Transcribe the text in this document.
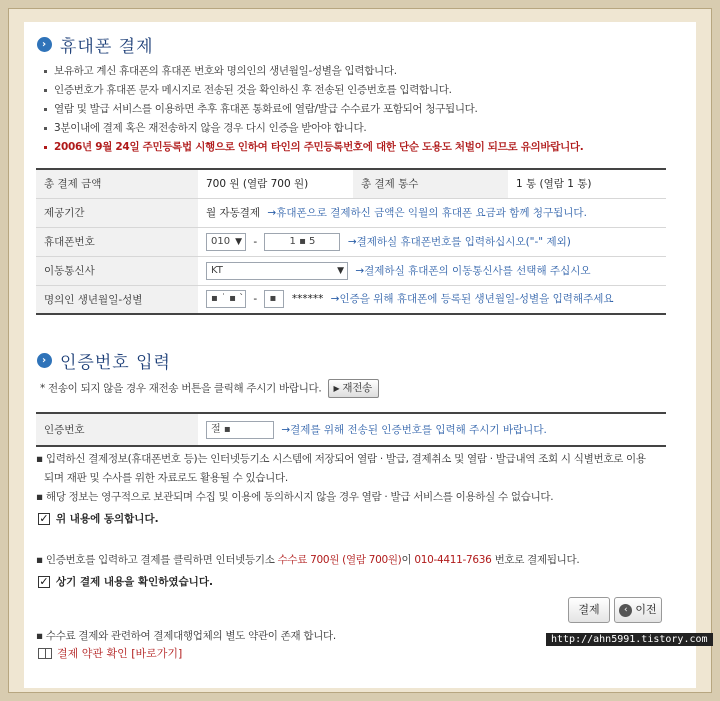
› 휴대폰 결제
보유하고 계신 휴대폰의 휴대폰 번호와 명의인의 생년월일-성별을 입력합니다.
인증번호가 휴대폰 문자 메시지로 전송된 것을 확인하신 후 전송된 인증번호를 입력합니다.
열람 및 발급 서비스를 이용하면 추후 휴대폰 통화료에 열람/발급 수수료가 포함되어 청구됩니다.
3분이내에 결제 혹은 재전송하지 않을 경우 다시 인증을 받아야 합니다.
2006년 9월 24일 주민등록법 시행으로 인하여 타인의 주민등록번호에 대한 단순 도용도 처벌이 되므로 유의바랍니다.
총 결제 금액	700 원 (열람 700 원)	총 결제 통수	1 통 (열람 1 통)
제공기간	월 자동결제 →휴대폰으로 결제하신 금액은 익월의 휴대폰 요금과 함께 청구됩니다.		
휴대폰번호	010 ▼ - 1 ▪ 5 →결제하실 휴대폰번호를 입력하십시오("-" 제외)		
이동통신사	KT ▼ →결제하실 휴대폰의 이동통신사를 선택해 주십시오		
명의인 생년월일-성별	▪ ˙ ▪ ` - ▪ ****** →인증을 위해 휴대폰에 등록된 생년월일-성별을 입력해주세요		
› 인증번호 입력
* 전송이 되지 않을 경우 재전송 버튼을 클릭해 주시기 바랍니다. ▶ 재전송
인증번호	절 ▪	→결제를 위해 전송된 인증번호를 입력해 주시기 바랍니다.
▪ 입력하신 결제정보(휴대폰번호 등)는 인터넷등기소 시스템에 저장되어 열람 · 발급, 결제취소 및 열람 · 발급내역 조회 시 식별번호로 이용
되며 재판 및 수사를 위한 자료로도 활용될 수 있습니다.
▪ 해당 정보는 영구적으로 보관되며 수집 및 이용에 동의하시지 않을 경우 열람 · 발급 서비스를 이용하실 수 없습니다.
✓ 위 내용에 동의합니다.
▪ 인증번호를 입력하고 결제를 클릭하면 인터넷등기소 수수료 700원 (열람 700원)이 010-4411-7636 번호로 결제됩니다.
✓ 상기 결제 내용을 확인하였습니다.
결제	‹ 이전
▪ 수수료 결제와 관련하여 결제대행업체의 별도 약관이 존재 합니다.
결제 약관 확인 [바로가기]
http://ahn5991.tistory.com
